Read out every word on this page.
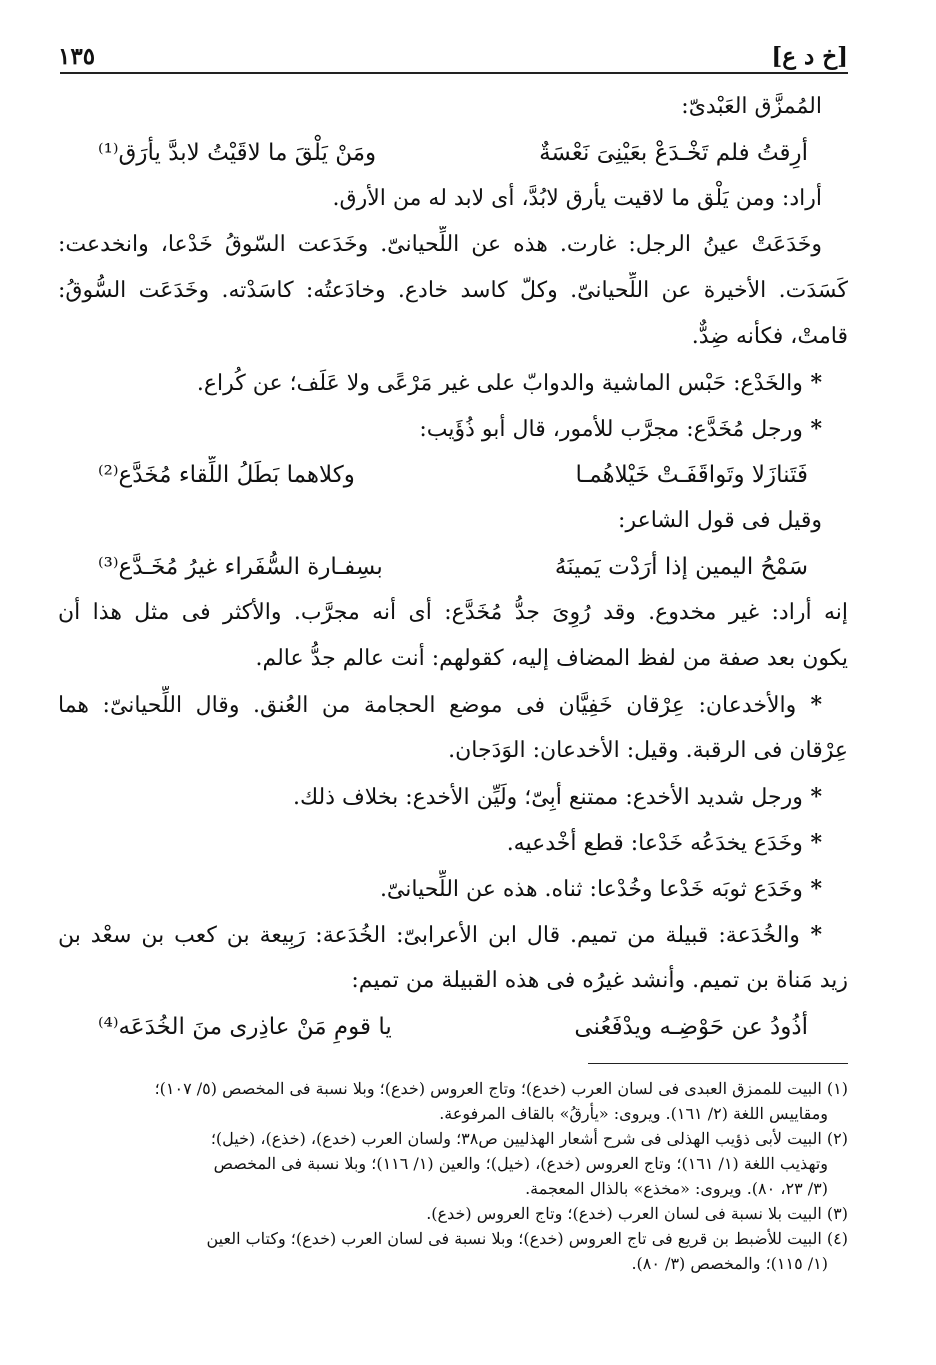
[خ د ع]
١٣٥
المُمزَّق العَبْدىّ:
أرِقتُ فلم تَخْـدَعْ بعَيْنِىَ نَعْسَةٌ
ومَنْ يَلْقَ ما لاقَيْتُ لابدَّ يأرَق⁽¹⁾
أراد: ومن يَلْق ما لاقيت يأرق لابُدَّ، أى لابد له من الأرق.
وخَدَعَتْ عينُ الرجل: غارت. هذه عن اللِّحيانىّ. وخَدَعت السّوقُ خَدْعا، وانخدعت:
كَسَدَت. الأخيرة عن اللِّحيانىّ. وكلّ كاسد خادع. وخادَعتُه: كاسَدْته. وخَدَعَت السُّوقُ:
قامتْ، فكأنه ضِدٌّ.
* والخَدْع: حَبْس الماشية والدوابّ على غير مَرْعًى ولا عَلَف؛ عن كُراع.
* ورجل مُخَدَّع: مجرَّب للأمور، قال أبو ذُؤَيب:
فَتَنازَلا وتَواقَفَـتْ خَيْلاهُمـا
وكلاهما بَطَلُ اللِّقاء مُخَدَّع⁽²⁾
وقيل فى قول الشاعر:
سَمْحُ اليمين إذا أرَدْت يَمينَهُ
بسِفـارة السُّفَراء غيرُ مُخَـدَّع⁽³⁾
إنه أراد: غير مخدوع. وقد رُوِىَ جدُّ مُخَدَّع: أى أنه مجرَّب. والأكثر فى مثل هذا أن
يكون بعد صفة من لفظ المضاف إليه، كقولهم: أنت عالم جدُّ عالم.
* والأخدعان: عِرْقان خَفِيَّان فى موضع الحجامة من العُنق. وقال اللِّحيانىّ: هما
عِرْقان فى الرقبة. وقيل: الأخدعان: الوَدَجان.
* ورجل شديد الأخدع: ممتنع أبِىّ؛ ولَيِّن الأخدع: بخلاف ذلك.
* وخَدَع يخدَعُه خَدْعا: قطع أخْدعيه.
* وخَدَع ثوبَه خَدْعا وخُدْعا: ثناه. هذه عن اللِّحيانىّ.
* والخُدَعة: قبيلة من تميم. قال ابن الأعرابىّ: الخُدَعة: رَبِيعة بن كعب بن سعْد بن
زيد مَناة بن تميم. وأنشد غيرُه فى هذه القبيلة من تميم:
أذُودُ عن حَوْضِـه ويدْفَعُنى
يا قومِ مَنْ عاذِرى منَ الخُدَعَه⁽⁴⁾
(١) البيت للممزق العبدى فى لسان العرب (خدع)؛ وتاج العروس (خدع)؛ وبلا نسبة فى المخصص (٥/ ١٠٧)؛
ومقاييس اللغة (٢/ ١٦١). ويروى: «يأرقُ» بالقاف المرفوعة.
(٢) البيت لأبى ذؤيب الهذلى فى شرح أشعار الهذليين ص٣٨؛ ولسان العرب (خدع)، (خذع)، (خيل)؛
وتهذيب اللغة (١/ ١٦١)؛ وتاج العروس (خدع)، (خيل)؛ والعين (١/ ١١٦)؛ وبلا نسبة فى المخصص
(٣/ ٢٣، ٨٠). ويروى: «مخذع» بالذال المعجمة.
(٣) البيت بلا نسبة فى لسان العرب (خدع)؛ وتاج العروس (خدع).
(٤) البيت للأضبط بن قريع فى تاج العروس (خدع)؛ وبلا نسبة فى لسان العرب (خدع)؛ وكتاب العين
(١/ ١١٥)؛ والمخصص (٣/ ٨٠).
